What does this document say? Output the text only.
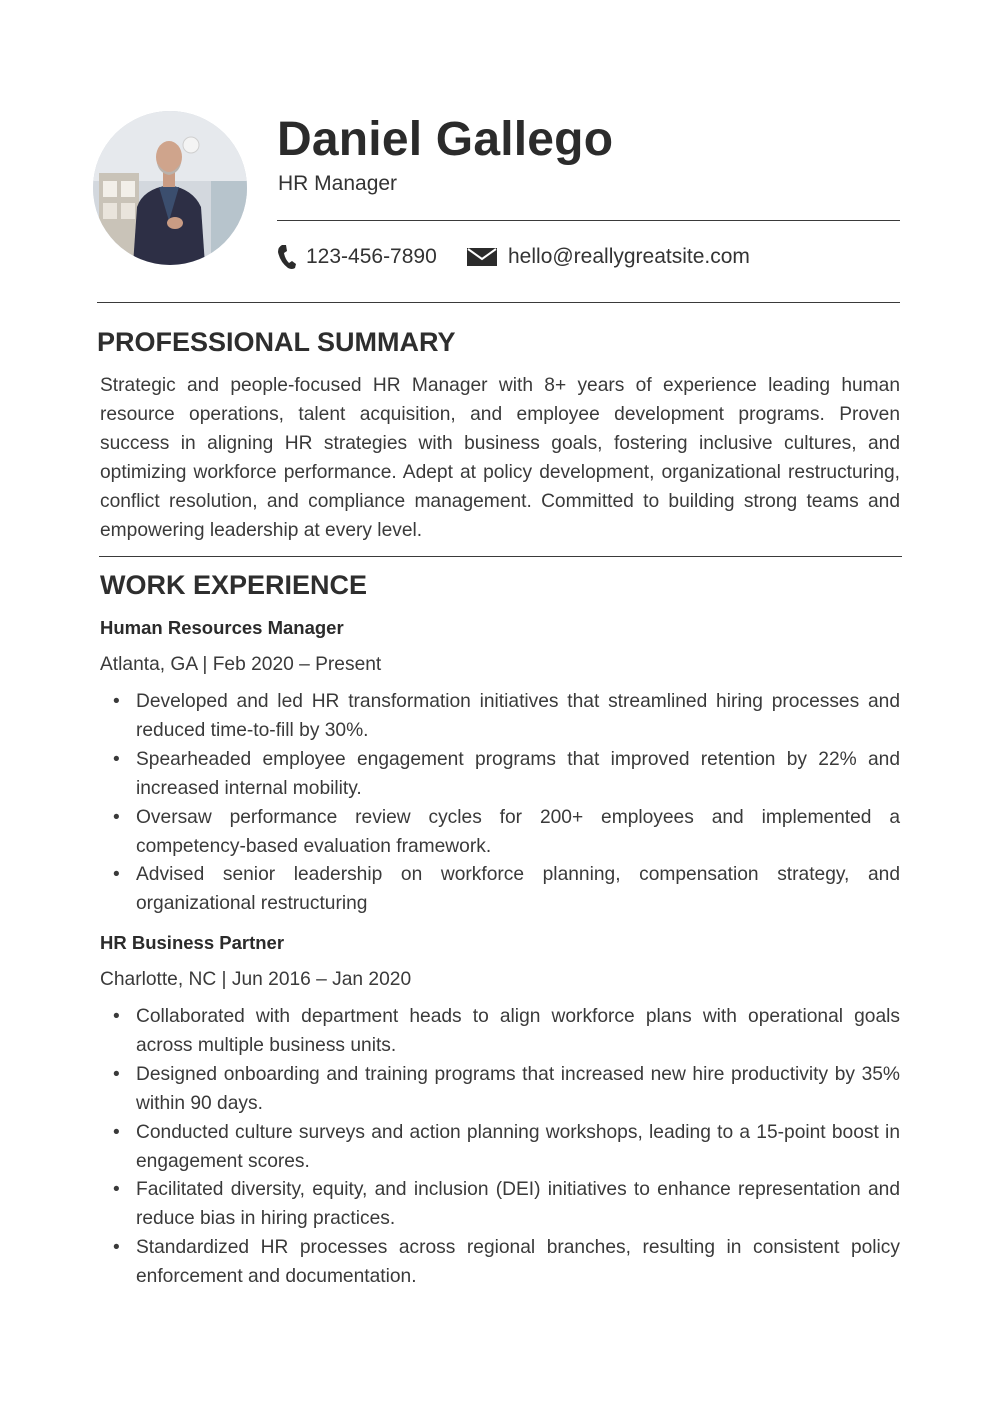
Daniel Gallego
HR Manager
123-456-7890	hello@reallygreatsite.com
PROFESSIONAL SUMMARY

Strategic and people-focused HR Manager with 8+ years of experience leading human resource operations, talent acquisition, and employee development programs. Proven success in aligning HR strategies with business goals, fostering inclusive cultures, and optimizing workforce performance. Adept at policy development, organizational restructuring, conflict resolution, and compliance management. Committed to building strong teams and empowering leadership at every level.

WORK EXPERIENCE
Human Resources Manager
Atlanta, GA | Feb 2020 – Present
• Developed and led HR transformation initiatives that streamlined hiring processes and reduced time-to-fill by 30%.
• Spearheaded employee engagement programs that improved retention by 22% and increased internal mobility.
• Oversaw performance review cycles for 200+ employees and implemented a competency-based evaluation framework.
• Advised senior leadership on workforce planning, compensation strategy, and organizational restructuring
HR Business Partner
Charlotte, NC | Jun 2016 – Jan 2020
• Collaborated with department heads to align workforce plans with operational goals across multiple business units.
• Designed onboarding and training programs that increased new hire productivity by 35% within 90 days.
• Conducted culture surveys and action planning workshops, leading to a 15-point boost in engagement scores.
• Facilitated diversity, equity, and inclusion (DEI) initiatives to enhance representation and reduce bias in hiring practices.
• Standardized HR processes across regional branches, resulting in consistent policy enforcement and documentation.
